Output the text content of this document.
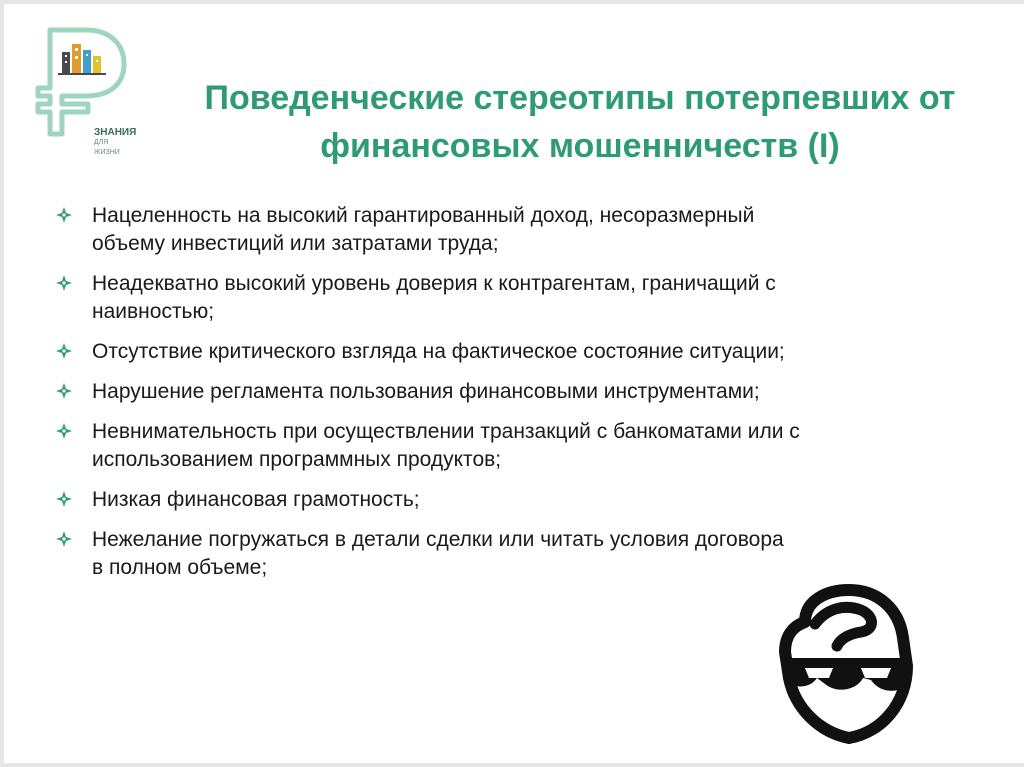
ЗНАНИЯ
ДЛЯ ЖИЗНИ
Поведенческие стереотипы потерпевших от
финансовых мошенничеств (I)
Нацеленность на высокий гарантированный доход, несоразмерный
объему инвестиций или затратами труда;
Неадекватно высокий уровень доверия к контрагентам, граничащий с
наивностью;
Отсутствие критического взгляда на фактическое состояние ситуации;
Нарушение регламента пользования финансовыми инструментами;
Невнимательность при осуществлении транзакций с банкоматами или с
использованием программных продуктов;
Низкая финансовая грамотность;
Нежелание погружаться в детали сделки или читать условия договора
в полном объеме;
